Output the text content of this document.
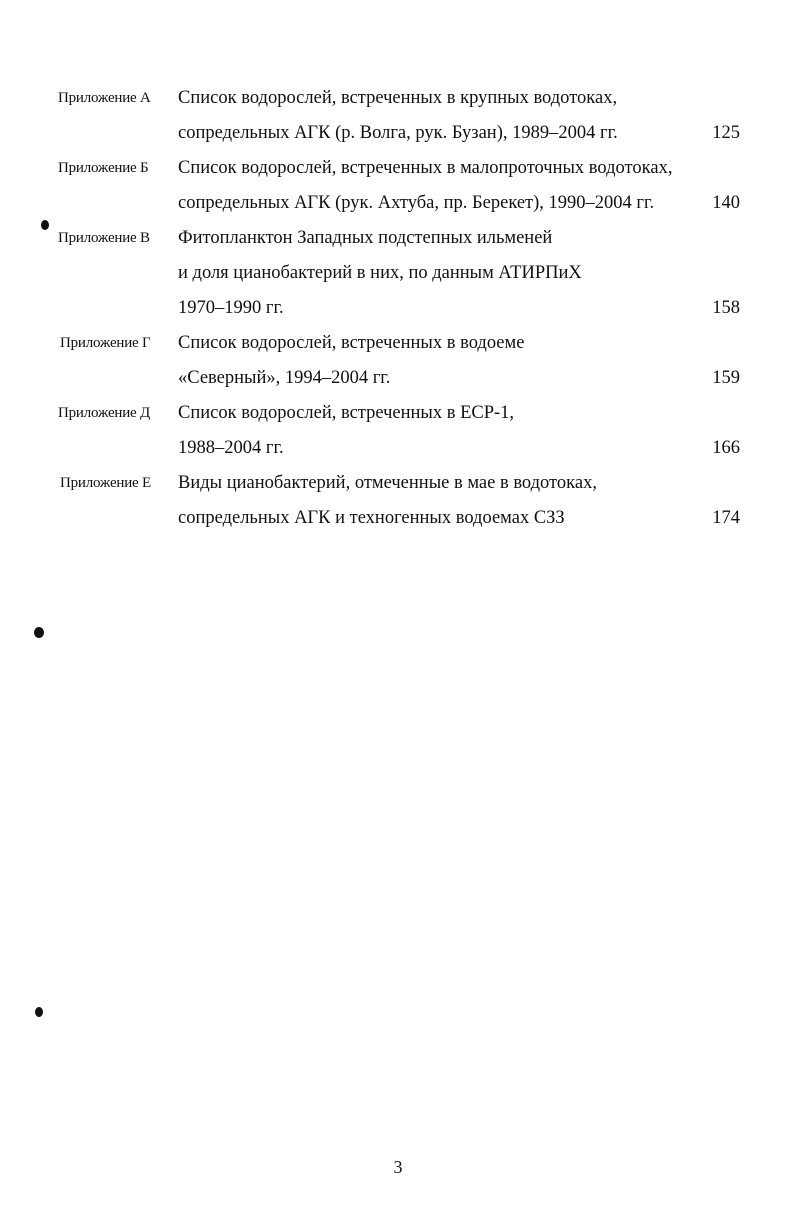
Приложение А Список водорослей, встреченных в крупных водотоках,
сопредельных АГК (р. Волга, рук. Бузан), 1989–2004 гг.	125
Приложение Б Список водорослей, встреченных в малопроточных водотоках,
сопредельных АГК (рук. Ахтуба, пр. Берекет), 1990–2004 гг.	140
Приложение В Фитопланктон Западных подстепных ильменей
и доля цианобактерий в них, по данным АТИРПиХ
1970–1990 гг.	158
Приложение Г Список водорослей, встреченных в водоеме
«Северный», 1994–2004 гг.	159
Приложение Д Список водорослей, встреченных в ЕСР-1,
1988–2004 гг.	166
Приложение Е Виды цианобактерий, отмеченные в мае в водотоках,
сопредельных АГК и техногенных водоемах СЗЗ	174
3
